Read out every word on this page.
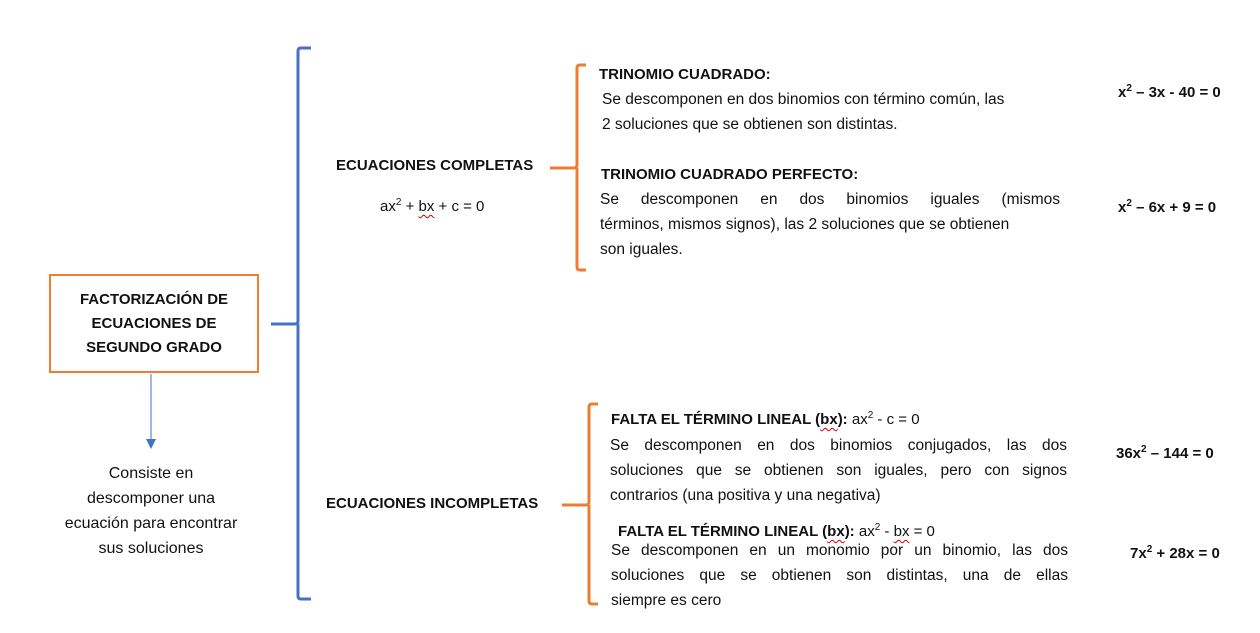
FACTORIZACIÓN DE
ECUACIONES DE
SEGUNDO GRADO
Consiste en
descomponer una
ecuación para encontrar
sus soluciones
ECUACIONES COMPLETAS
$ax^2$ + bx + c = 0
TRINOMIO CUADRADO:
Se descomponen en dos binomios con término común, las
2 soluciones que se obtienen son distintas.
$x^2 - 3x - 40 = 0$
TRINOMIO CUADRADO PERFECTO:
Se descomponen en dos binomios iguales (mismos
términos, mismos signos), las 2 soluciones que se obtienen
son iguales.
$x^2 - 6x + 9 = 0$
ECUACIONES INCOMPLETAS
FALTA EL TÉRMINO LINEAL (bx): $ax^2 - c = 0$
Se descomponen en dos binomios conjugados, las dos
soluciones que se obtienen son iguales, pero con signos
contrarios (una positiva y una negativa)
$36x^2 - 144 = 0$
FALTA EL TÉRMINO LINEAL (bx): $ax^2$ - bx = 0
Se descomponen en un monomio por un binomio, las dos
soluciones que se obtienen son distintas, una de ellas
siempre es cero
$7x^2 + 28x = 0$
